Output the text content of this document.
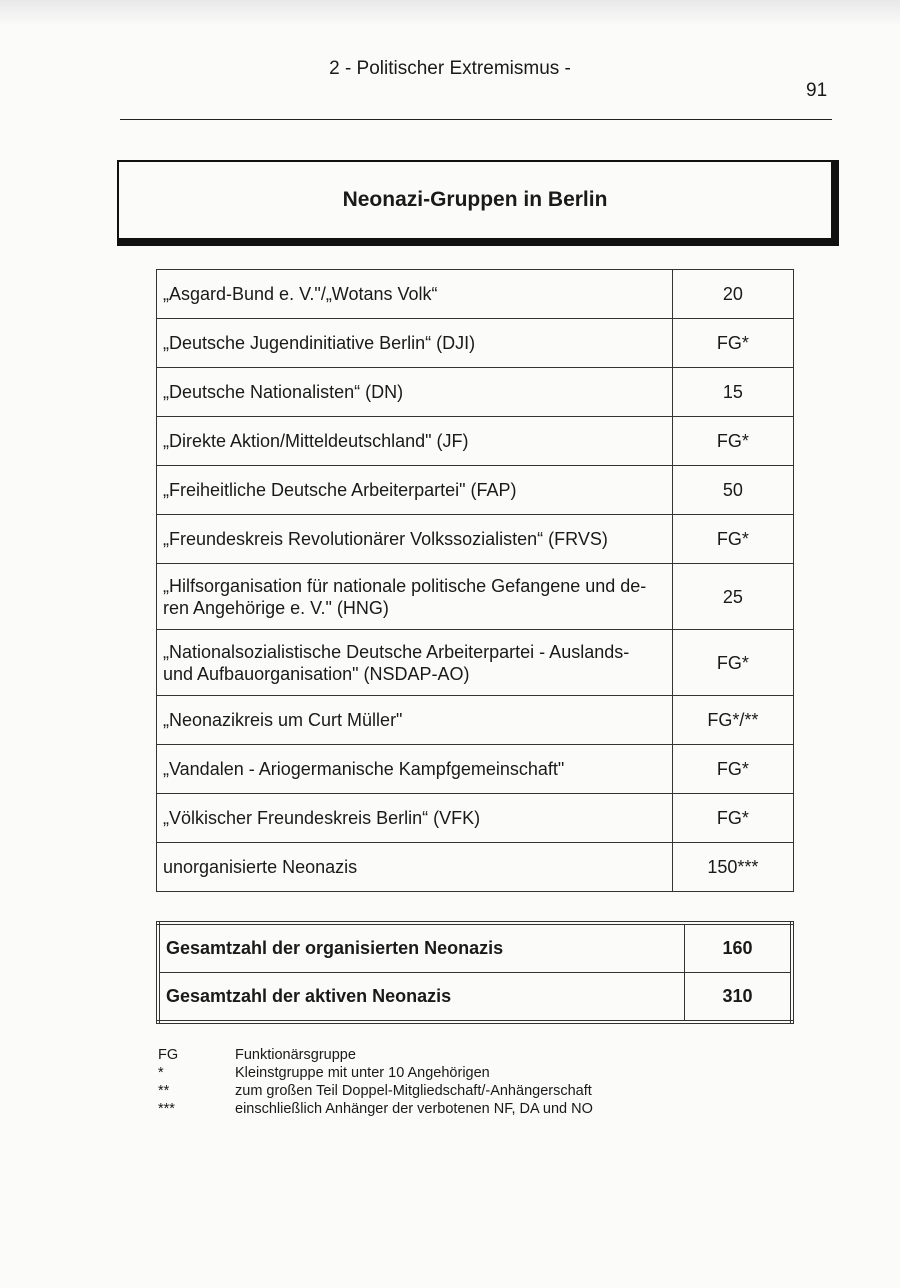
2 - Politischer Extremismus -
91
Neonazi-Gruppen in Berlin
„Asgard-Bund e. V."/„Wotans Volk“	20
„Deutsche Jugendinitiative Berlin“ (DJI)	FG*
„Deutsche Nationalisten“ (DN)	15
„Direkte Aktion/Mitteldeutschland" (JF)	FG*
„Freiheitliche Deutsche Arbeiterpartei" (FAP)	50
„Freundeskreis Revolutionärer Volkssozialisten“ (FRVS)	FG*

„Hilfsorganisation für nationale politische Gefangene und de-
ren Angehörige e. V." (HNG)	25

„Nationalsozialistische Deutsche Arbeiterpartei - Auslands-
und Aufbauorganisation" (NSDAP-AO)	FG*
„Neonazikreis um Curt Müller"	FG*/**
„Vandalen - Ariogermanische Kampfgemeinschaft"	FG*
„Völkischer Freundeskreis Berlin“ (VFK)	FG*
unorganisierte Neonazis	150***
Gesamtzahl der organisierten Neonazis	160
Gesamtzahl der aktiven Neonazis	310
FG	Funktionärsgruppe
*	Kleinstgruppe mit unter 10 Angehörigen
**	zum großen Teil Doppel-Mitgliedschaft/-Anhängerschaft
***	einschließlich Anhänger der verbotenen NF, DA und NO
